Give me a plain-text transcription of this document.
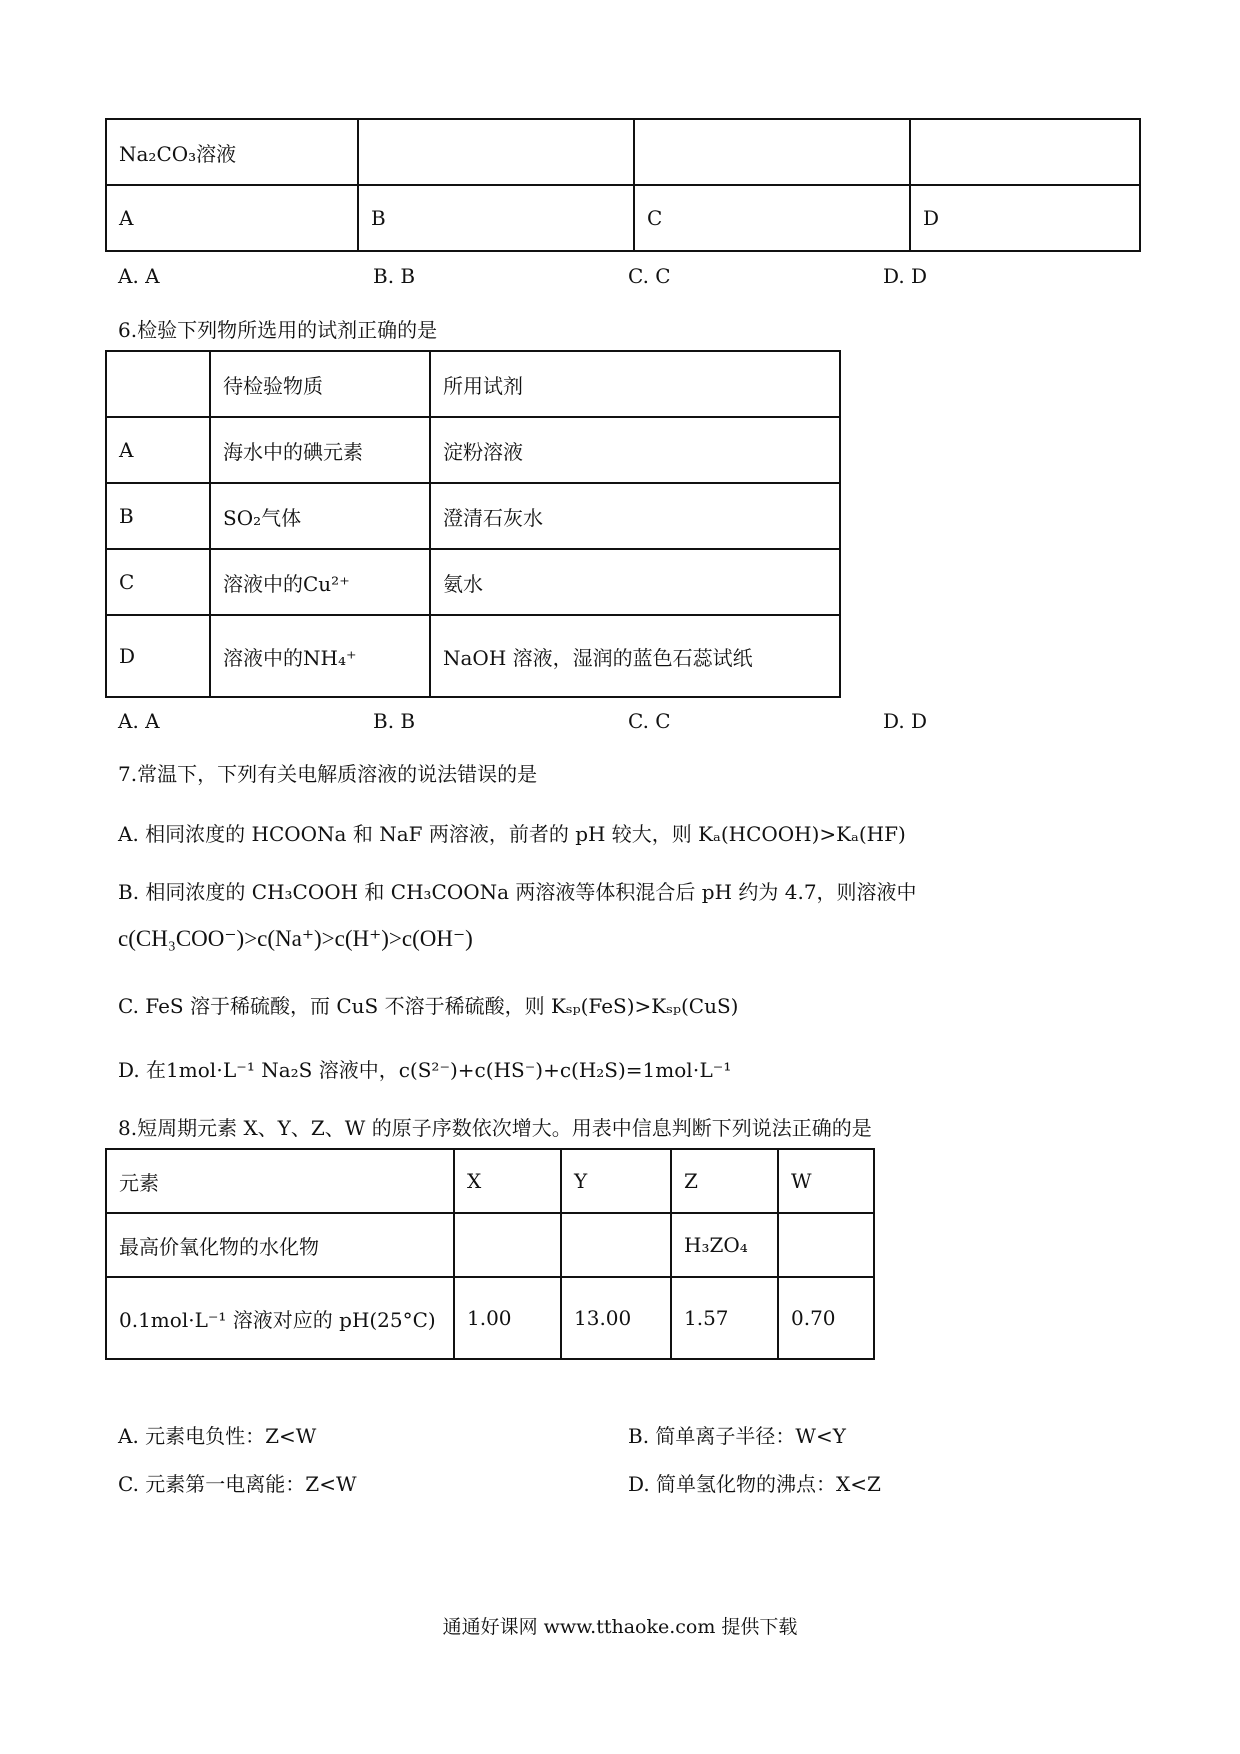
Na₂CO₃溶液			
A	B	C	D
A. A	B. B	C. C	D. D
6.检验下列物所选用的试剂正确的是
	待检验物质	所用试剂
A	海水中的碘元素	淀粉溶液
B	SO₂气体	澄清石灰水
C	溶液中的Cu²⁺	氨水
D	溶液中的NH₄⁺	NaOH 溶液，湿润的蓝色石蕊试纸
A. A	B. B	C. C	D. D
7.常温下，下列有关电解质溶液的说法错误的是
A. 相同浓度的 HCOONa 和 NaF 两溶液，前者的 pH 较大，则 Kₐ(HCOOH)>Kₐ(HF)
B. 相同浓度的 CH₃COOH 和 CH₃COONa 两溶液等体积混合后 pH 约为 4.7，则溶液中
c(CH₃COO⁻)>c(Na⁺)>c(H⁺)>c(OH⁻)
C. FeS 溶于稀硫酸，而 CuS 不溶于稀硫酸，则 Kₛₚ(FeS)>Kₛₚ(CuS)
D. 在1mol⋅L⁻¹ Na₂S 溶液中，c(S²⁻)+c(HS⁻)+c(H₂S)=1mol⋅L⁻¹
8.短周期元素 X、Y、Z、W 的原子序数依次增大。用表中信息判断下列说法正确的是
元素	X	Y	Z	W
最高价氧化物的水化物			H₃ZO₄	
0.1mol·L⁻¹ 溶液对应的 pH(25°C)	1.00	13.00	1.57	0.70
A. 元素电负性：Z<W	B. 简单离子半径：W<Y
C. 元素第一电离能：Z<W	D. 简单氢化物的沸点：X<Z
通通好课网 www.tthaoke.com 提供下载
